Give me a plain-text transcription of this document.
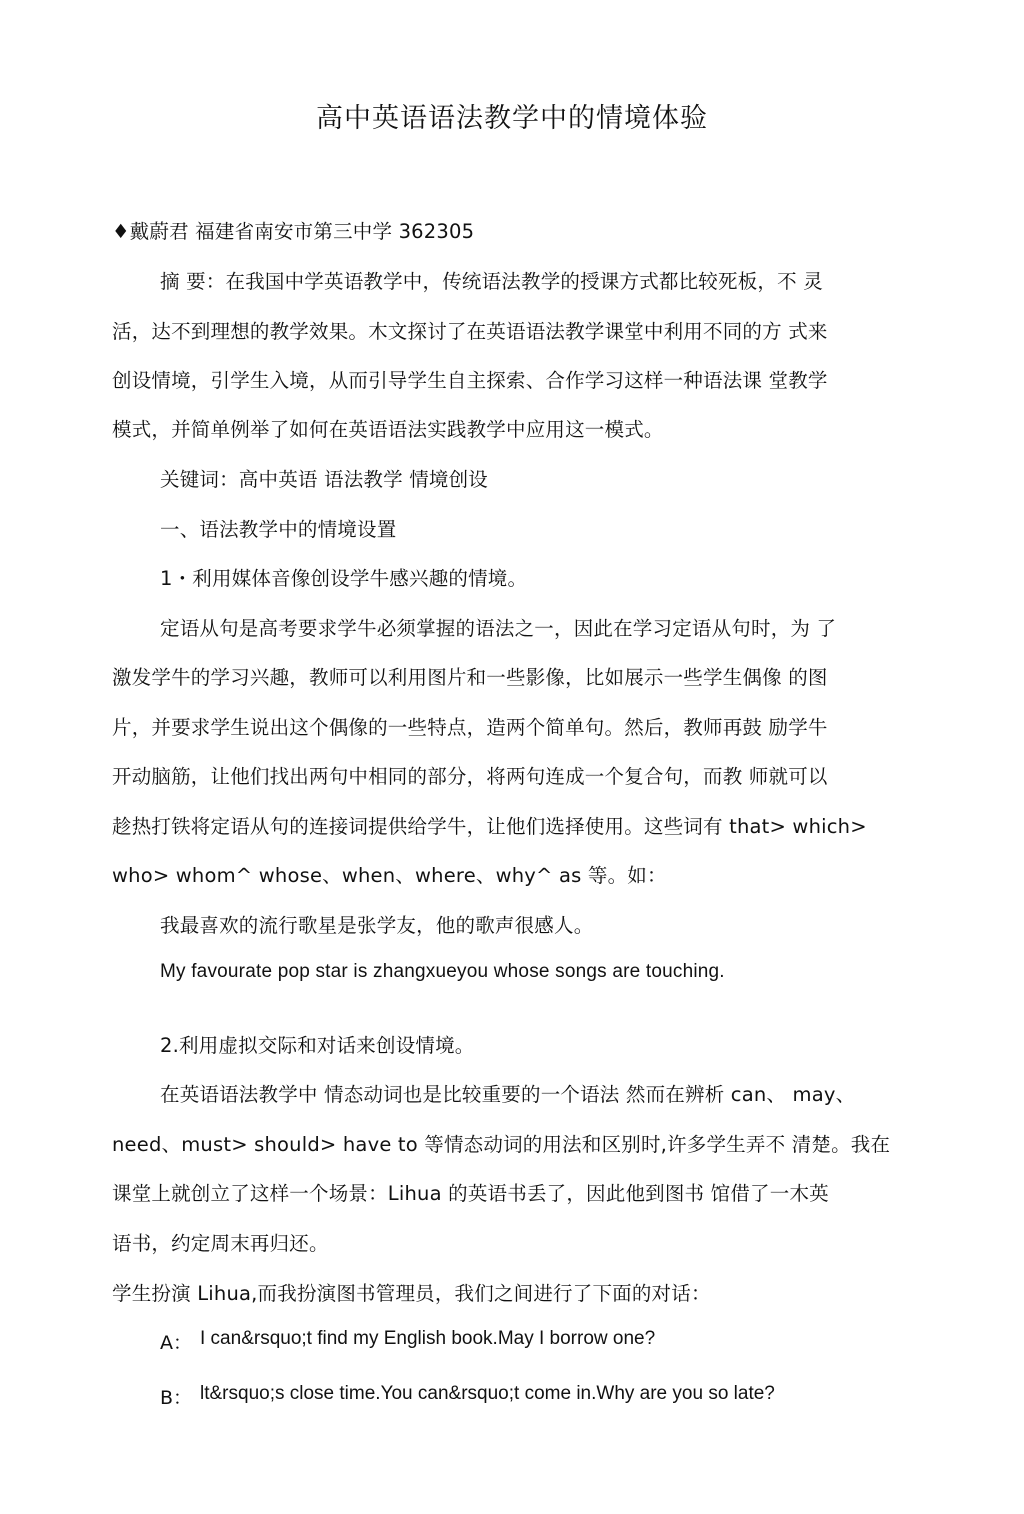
高中英语语法教学中的情境体验
♦戴蔚君 福建省南安市第三中学 362305
摘 要：在我国中学英语教学中，传统语法教学的授课方式都比较死板，不 灵
活，达不到理想的教学效果。木文探讨了在英语语法教学课堂中利用不同的方 式来
创设情境，引学生入境，从而引导学生自主探索、合作学习这样一种语法课 堂教学
模式，并简单例举了如何在英语语法实践教学中应用这一模式。
关键词：高中英语 语法教学 情境创设
一、语法教学中的情境设置
1・利用媒体音像创设学牛感兴趣的情境。
定语从句是高考要求学牛必须掌握的语法之一，因此在学习定语从句时，为 了
激发学牛的学习兴趣，教师可以利用图片和一些影像，比如展示一些学生偶像 的图
片，并要求学生说出这个偶像的一些特点，造两个简单句。然后，教师再鼓 励学牛
开动脑筋，让他们找出两句中相同的部分，将两句连成一个复合句，而教 师就可以
趁热打铁将定语从句的连接词提供给学牛，让他们选择使用。这些词有 that> which>
who> whom^ whose、when、where、why^ as 等。如：
我最喜欢的流行歌星是张学友，他的歌声很感人。
My favourate pop star is zhangxueyou whose songs are touching.
2.利用虚拟交际和对话来创设情境。
在英语语法教学中 情态动词也是比较重要的一个语法 然而在辨析 can、 may、
need、must> should> have to 等情态动词的用法和区别时,许多学生弄不 清楚。我在
课堂上就创立了这样一个场景：Lihua 的英语书丢了，因此他到图书 馆借了一木英
语书，约定周末再归还。
学生扮演 Lihua,而我扮演图书管理员，我们之间进行了下面的对话：
A： I can&rsquo;t find my English book.May I borrow one?
B： lt&rsquo;s close time.You can&rsquo;t come in.Why are you so late?
